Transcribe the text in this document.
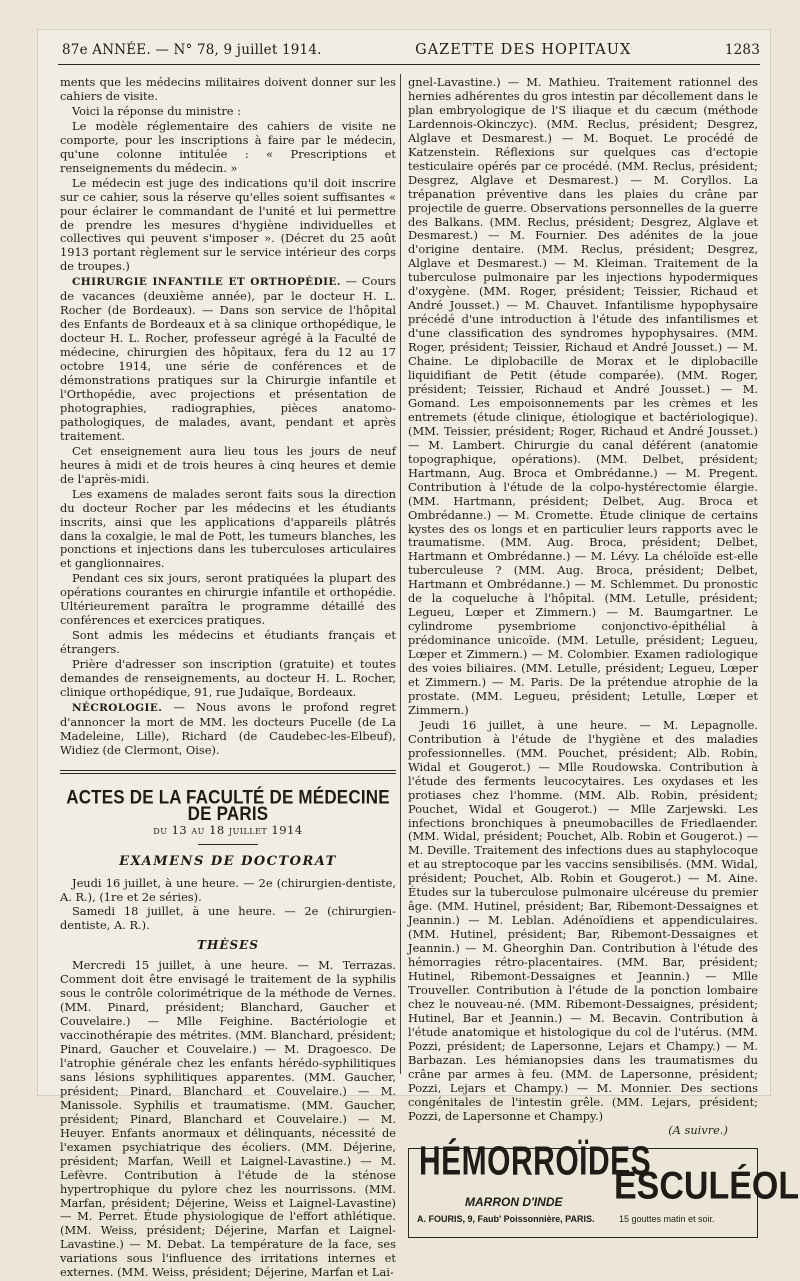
87e ANNÉE. — N° 78, 9 juillet 1914.	GAZETTE DES HOPITAUX	1283

ments que les médecins militaires doivent donner sur les cahiers de visite.

Voici la réponse du ministre :

Le modèle réglementaire des cahiers de visite ne comporte, pour les inscriptions à faire par le médecin, qu'une colonne intitulée : « Prescriptions et renseignements du médecin. »

Le médecin est juge des indications qu'il doit inscrire sur ce cahier, sous la réserve qu'elles soient suffisantes « pour éclairer le commandant de l'unité et lui permettre de prendre les mesures d'hygiène individuelles et collectives qui peuvent s'imposer ». (Décret du 25 août 1913 portant règlement sur le service intérieur des corps de troupes.)

CHIRURGIE INFANTILE ET ORTHOPÉDIE. — Cours de vacances (deuxième année), par le docteur H. L. Rocher (de Bordeaux). — Dans son service de l'hôpital des Enfants de Bordeaux et à sa clinique orthopédique, le docteur H. L. Rocher, professeur agrégé à la Faculté de médecine, chirurgien des hôpitaux, fera du 12 au 17 octobre 1914, une série de conférences et de démonstrations pratiques sur la Chirurgie infantile et l'Orthopédie, avec projections et présentation de photographies, radiographies, pièces anatomo-pathologiques, de malades, avant, pendant et après traitement.

Cet enseignement aura lieu tous les jours de neuf heures à midi et de trois heures à cinq heures et demie de l'après-midi.

Les examens de malades seront faits sous la direction du docteur Rocher par les médecins et les étudiants inscrits, ainsi que les applications d'appareils plâtrés dans la coxalgie, le mal de Pott, les tumeurs blanches, les ponctions et injections dans les tuberculoses articulaires et ganglionnaires.

Pendant ces six jours, seront pratiquées la plupart des opérations courantes en chirurgie infantile et orthopédie. Ultérieurement paraîtra le programme détaillé des conférences et exercices pratiques.

Sont admis les médecins et étudiants français et étrangers.

Prière d'adresser son inscription (gratuite) et toutes demandes de renseignements, au docteur H. L. Rocher, clinique orthopédique, 91, rue Judaïque, Bordeaux.

NÉCROLOGIE. — Nous avons le profond regret d'annoncer la mort de MM. les docteurs Pucelle (de La Madeleine, Lille), Richard (de Caudebec-les-Elbeuf), Widiez (de Clermont, Oise).

ACTES DE LA FACULTÉ DE MÉDECINE DE PARIS
du 13 au 18 juillet 1914
EXAMENS DE DOCTORAT

Jeudi 16 juillet, à une heure. — 2e (chirurgien-dentiste, A. R.), (1re et 2e séries).

Samedi 18 juillet, à une heure. — 2e (chirurgien-dentiste, A. R.).

THÈSES

Mercredi 15 juillet, à une heure. — M. Terrazas. Comment doit être envisagé le traitement de la syphilis sous le contrôle colorimétrique de la méthode de Vernes. (MM. Pinard, président; Blanchard, Gaucher et Couvelaire.) — Mlle Feighine. Bactériologie et vaccinothérapie des métrites. (MM. Blanchard, président; Pinard, Gaucher et Couvelaire.) — M. Dragoesco. De l'atrophie générale chez les enfants hérédo-syphilitiques sans lésions syphilitiques apparentes. (MM. Gaucher, président; Pinard, Blanchard et Couvelaire.) — M. Manissole. Syphilis et traumatisme. (MM. Gaucher, président; Pinard, Blanchard et Couvelaire.) — M. Heuyer. Enfants anormaux et délinquants, nécessité de l'examen psychiatrique des écoliers. (MM. Déjerine, président; Marfan, Weill et Laignel-Lavastine.) — M. Lefèvre. Contribution à l'étude de la sténose hypertrophique du pylore chez les nourrissons. (MM. Marfan, président; Déjerine, Weiss et Laignel-Lavastine) — M. Perret. Étude physiologique de l'effort athlétique. (MM. Weiss, président; Déjerine, Marfan et Laignel-Lavastine.) — M. Debat. La température de la face, ses variations sous l'influence des irritations internes et externes. (MM. Weiss, président; Déjerine, Marfan et Lai-

gnel-Lavastine.) — M. Mathieu. Traitement rationnel des hernies adhérentes du gros intestin par décollement dans le plan embryologique de l'S iliaque et du cæcum (méthode Lardennois-Okinczyc). (MM. Reclus, président; Desgrez, Alglave et Desmarest.) — M. Boquet. Le procédé de Katzenstein. Réflexions sur quelques cas d'ectopie testiculaire opérés par ce procédé. (MM. Reclus, président; Desgrez, Alglave et Desmarest.) — M. Coryllos. La trépanation préventive dans les plaies du crâne par projectile de guerre. Observations personnelles de la guerre des Balkans. (MM. Reclus, président; Desgrez, Alglave et Desmarest.) — M. Fournier. Des adénites de la joue d'origine dentaire. (MM. Reclus, président; Desgrez, Alglave et Desmarest.) — M. Kleiman. Traitement de la tuberculose pulmonaire par les injections hypodermiques d'oxygène. (MM. Roger, président; Teissier, Richaud et André Jousset.) — M. Chauvet. Infantilisme hypophysaire précédé d'une introduction à l'étude des infantilismes et d'une classification des syndromes hypophysaires. (MM. Roger, président; Teissier, Richaud et André Jousset.) — M. Chaine. Le diplobacille de Morax et le diplobacille liquidifiant de Petit (étude comparée). (MM. Roger, président; Teissier, Richaud et André Jousset.) — M. Gomand. Les empoisonnements par les crèmes et les entremets (étude clinique, étiologique et bactériologique). (MM. Teissier, président; Roger, Richaud et André Jousset.) — M. Lambert. Chirurgie du canal déférent (anatomie topographique, opérations). (MM. Delbet, président; Hartmann, Aug. Broca et Ombrédanne.) — M. Pregent. Contribution à l'étude de la colpo-hystérectomie élargie. (MM. Hartmann, président; Delbet, Aug. Broca et Ombrédanne.) — M. Cromette. Étude clinique de certains kystes des os longs et en particulier leurs rapports avec le traumatisme. (MM. Aug. Broca, président; Delbet, Hartmann et Ombrédanne.) — M. Lévy. La chéloïde est-elle tuberculeuse ? (MM. Aug. Broca, président; Delbet, Hartmann et Ombrédanne.) — M. Schlemmet. Du pronostic de la coqueluche à l'hôpital. (MM. Letulle, président; Legueu, Lœper et Zimmern.) — M. Baumgartner. Le cylindrome pysembriome conjonctivo-épithélial à prédominance unicoïde. (MM. Letulle, président; Legueu, Lœper et Zimmern.) — M. Colombier. Examen radiologique des voies biliaires. (MM. Letulle, président; Legueu, Lœper et Zimmern.) — M. Paris. De la prétendue atrophie de la prostate. (MM. Legueu, président; Letulle, Lœper et Zimmern.)

Jeudi 16 juillet, à une heure. — M. Lepagnolle. Contribution à l'étude de l'hygiène et des maladies professionnelles. (MM. Pouchet, président; Alb. Robin, Widal et Gougerot.) — Mlle Roudowska. Contribution à l'étude des ferments leucocytaires. Les oxydases et les protiases chez l'homme. (MM. Alb. Robin, président; Pouchet, Widal et Gougerot.) — Mlle Zarjewski. Les infections bronchiques à pneumobacilles de Friedlaender. (MM. Widal, président; Pouchet, Alb. Robin et Gougerot.) — M. Deville. Traitement des infections dues au staphylocoque et au streptocoque par les vaccins sensibilisés. (MM. Widal, président; Pouchet, Alb. Robin et Gougerot.) — M. Aine. Études sur la tuberculose pulmonaire ulcéreuse du premier âge. (MM. Hutinel, président; Bar, Ribemont-Dessaignes et Jeannin.) — M. Leblan. Adénoïdiens et appendiculaires. (MM. Hutinel, président; Bar, Ribemont-Dessaignes et Jeannin.) — M. Gheorghin Dan. Contribution à l'étude des hémorragies rétro-placentaires. (MM. Bar, président; Hutinel, Ribemont-Dessaignes et Jeannin.) — Mlle Trouveller. Contribution à l'étude de la ponction lombaire chez le nouveau-né. (MM. Ribemont-Dessaignes, président; Hutinel, Bar et Jeannin.) — M. Becavin. Contribution à l'étude anatomique et histologique du col de l'utérus. (MM. Pozzi, président; de Lapersonne, Lejars et Champy.) — M. Barbazan. Les hémianopsies dans les traumatismes du crâne par armes à feu. (MM. de Lapersonne, président; Pozzi, Lejars et Champy.) — M. Monnier. Des sections congénitales de l'intestin grêle. (MM. Lejars, président; Pozzi, de Lapersonne et Champy.)

(A suivre.)
HÉMORROÏDES
MARRON D'INDE ESCULÉOL
A. FOURIS, 9, Faub' Poissonnière, PARIS.	15 gouttes matin et soir.
